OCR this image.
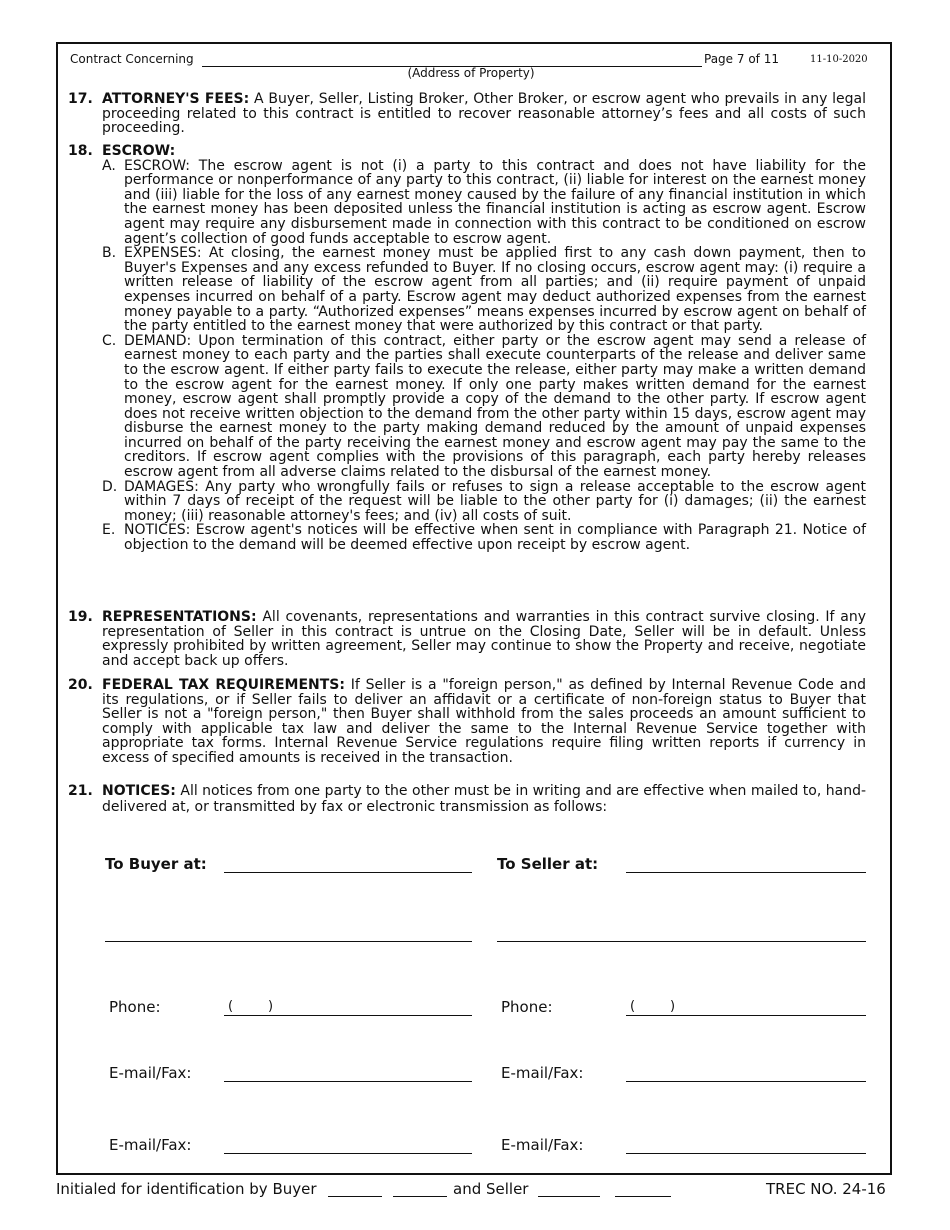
Contract Concerning
(Address of Property)
Page 7 of 11	11-10-2020
17. ATTORNEY'S FEES: A Buyer, Seller, Listing Broker, Other Broker, or escrow agent who prevails in any legal proceeding related to this contract is entitled to recover reasonable attorney’s fees and all costs of such proceeding.
18. ESCROW:
A. ESCROW: The escrow agent is not (i) a party to this contract and does not have liability for the performance or nonperformance of any party to this contract, (ii) liable for interest on the earnest money and (iii) liable for the loss of any earnest money caused by the failure of any financial institution in which the earnest money has been deposited unless the financial institution is acting as escrow agent. Escrow agent may require any disbursement made in connection with this contract to be conditioned on escrow agent’s collection of good funds acceptable to escrow agent.
B. EXPENSES: At closing, the earnest money must be applied first to any cash down payment, then to Buyer's Expenses and any excess refunded to Buyer. If no closing occurs, escrow agent may: (i) require a written release of liability of the escrow agent from all parties; and (ii) require payment of unpaid expenses incurred on behalf of a party. Escrow agent may deduct authorized expenses from the earnest money payable to a party. “Authorized expenses” means expenses incurred by escrow agent on behalf of the party entitled to the earnest money that were authorized by this contract or that party.
C. DEMAND: Upon termination of this contract, either party or the escrow agent may send a release of earnest money to each party and the parties shall execute counterparts of the release and deliver same to the escrow agent. If either party fails to execute the release, either party may make a written demand to the escrow agent for the earnest money. If only one party makes written demand for the earnest money, escrow agent shall promptly provide a copy of the demand to the other party. If escrow agent does not receive written objection to the demand from the other party within 15 days, escrow agent may disburse the earnest money to the party making demand reduced by the amount of unpaid expenses incurred on behalf of the party receiving the earnest money and escrow agent may pay the same to the creditors. If escrow agent complies with the provisions of this paragraph, each party hereby releases escrow agent from all adverse claims related to the disbursal of the earnest money.
D. DAMAGES: Any party who wrongfully fails or refuses to sign a release acceptable to the escrow agent within 7 days of receipt of the request will be liable to the other party for (i) damages; (ii) the earnest money; (iii) reasonable attorney's fees; and (iv) all costs of suit.
E. NOTICES: Escrow agent's notices will be effective when sent in compliance with Paragraph 21. Notice of objection to the demand will be deemed effective upon receipt by escrow agent.
19. REPRESENTATIONS: All covenants, representations and warranties in this contract survive closing. If any representation of Seller in this contract is untrue on the Closing Date, Seller will be in default. Unless expressly prohibited by written agreement, Seller may continue to show the Property and receive, negotiate and accept back up offers.
20. FEDERAL TAX REQUIREMENTS: If Seller is a "foreign person," as defined by Internal Revenue Code and its regulations, or if Seller fails to deliver an affidavit or a certificate of non-foreign status to Buyer that Seller is not a "foreign person," then Buyer shall withhold from the sales proceeds an amount sufficient to comply with applicable tax law and deliver the same to the Internal Revenue Service together with appropriate tax forms. Internal Revenue Service regulations require filing written reports if currency in excess of specified amounts is received in the transaction.
21. NOTICES: All notices from one party to the other must be in writing and are effective when mailed to, hand-delivered at, or transmitted by fax or electronic transmission as follows:
To Buyer at:
Phone:	(	)
E-mail/Fax:
E-mail/Fax:
To Seller at:
Phone:	(	)
E-mail/Fax:
E-mail/Fax:
Initialed for identification by Buyer	and Seller	TREC NO. 24-16
